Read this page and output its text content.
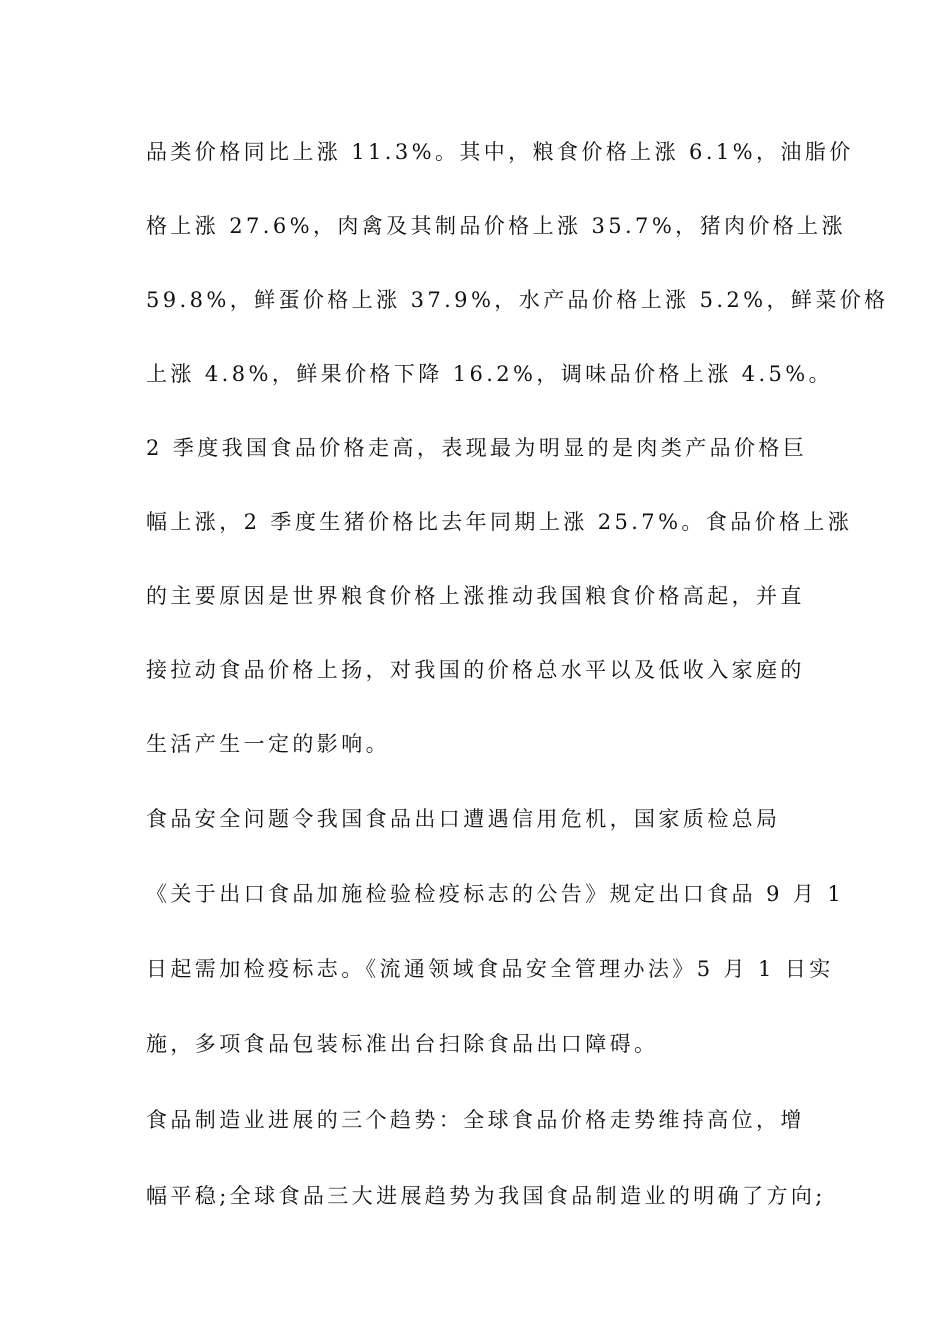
品类价格同比上涨 11.3%。其中，粮食价格上涨 6.1%，油脂价
格上涨 27.6%，肉禽及其制品价格上涨 35.7%，猪肉价格上涨
59.8%，鲜蛋价格上涨 37.9%，水产品价格上涨 5.2%，鲜菜价格
上涨 4.8%，鲜果价格下降 16.2%，调味品价格上涨 4.5%。
2 季度我国食品价格走高，表现最为明显的是肉类产品价格巨
幅上涨，2 季度生猪价格比去年同期上涨 25.7%。食品价格上涨
的主要原因是世界粮食价格上涨推动我国粮食价格高起，并直
接拉动食品价格上扬，对我国的价格总水平以及低收入家庭的
生活产生一定的影响。
食品安全问题令我国食品出口遭遇信用危机，国家质检总局
《关于出口食品加施检验检疫标志的公告》规定出口食品 9 月 1
日起需加检疫标志。《流通领域食品安全管理办法》5 月 1 日实
施，多项食品包装标准出台扫除食品出口障碍。
食品制造业进展的三个趋势：全球食品价格走势维持高位，增
幅平稳;全球食品三大进展趋势为我国食品制造业的明确了方向;
